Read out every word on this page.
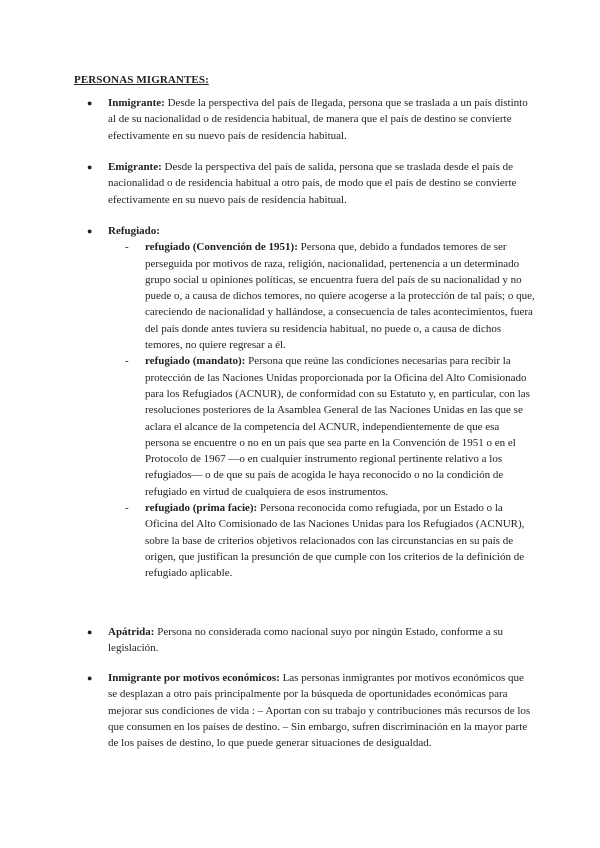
PERSONAS MIGRANTES:
● Inmigrante: Desde la perspectiva del país de llegada, persona que se traslada a un país distinto al de su nacionalidad o de residencia habitual, de manera que el país de destino se convierte efectivamente en su nuevo país de residencia habitual.
● Emigrante: Desde la perspectiva del país de salida, persona que se traslada desde el país de nacionalidad o de residencia habitual a otro país, de modo que el país de destino se convierte efectivamente en su nuevo país de residencia habitual.
● Refugiado:
- refugiado (Convención de 1951): Persona que, debido a fundados temores de ser perseguida por motivos de raza, religión, nacionalidad, pertenencia a un determinado grupo social u opiniones políticas, se encuentra fuera del país de su nacionalidad y no puede o, a causa de dichos temores, no quiere acogerse a la protección de tal país; o que, careciendo de nacionalidad y hallándose, a consecuencia de tales acontecimientos, fuera del país donde antes tuviera su residencia habitual, no puede o, a causa de dichos temores, no quiere regresar a él.
- refugiado (mandato): Persona que reúne las condiciones necesarias para recibir la protección de las Naciones Unidas proporcionada por la Oficina del Alto Comisionado para los Refugiados (ACNUR), de conformidad con su Estatuto y, en particular, con las resoluciones posteriores de la Asamblea General de las Naciones Unidas en las que se aclara el alcance de la competencia del ACNUR, independientemente de que esa persona se encuentre o no en un país que sea parte en la Convención de 1951 o en el Protocolo de 1967 —o en cualquier instrumento regional pertinente relativo a los refugiados— o de que su país de acogida le haya reconocido o no la condición de refugiado en virtud de cualquiera de esos instrumentos.
- refugiado (prima facie): Persona reconocida como refugiada, por un Estado o la Oficina del Alto Comisionado de las Naciones Unidas para los Refugiados (ACNUR), sobre la base de criterios objetivos relacionados con las circunstancias en su país de origen, que justifican la presunción de que cumple con los criterios de la definición de refugiado aplicable.
● Apátrida: Persona no considerada como nacional suyo por ningún Estado, conforme a su legislación.
● Inmigrante por motivos económicos: Las personas inmigrantes por motivos económicos que se desplazan a otro país principalmente por la búsqueda de oportunidades económicas para mejorar sus condiciones de vida : – Aportan con su trabajo y contribuciones más recursos de los que consumen en los países de destino. – Sin embargo, sufren discriminación en la mayor parte de los países de destino, lo que puede generar situaciones de desigualdad.
